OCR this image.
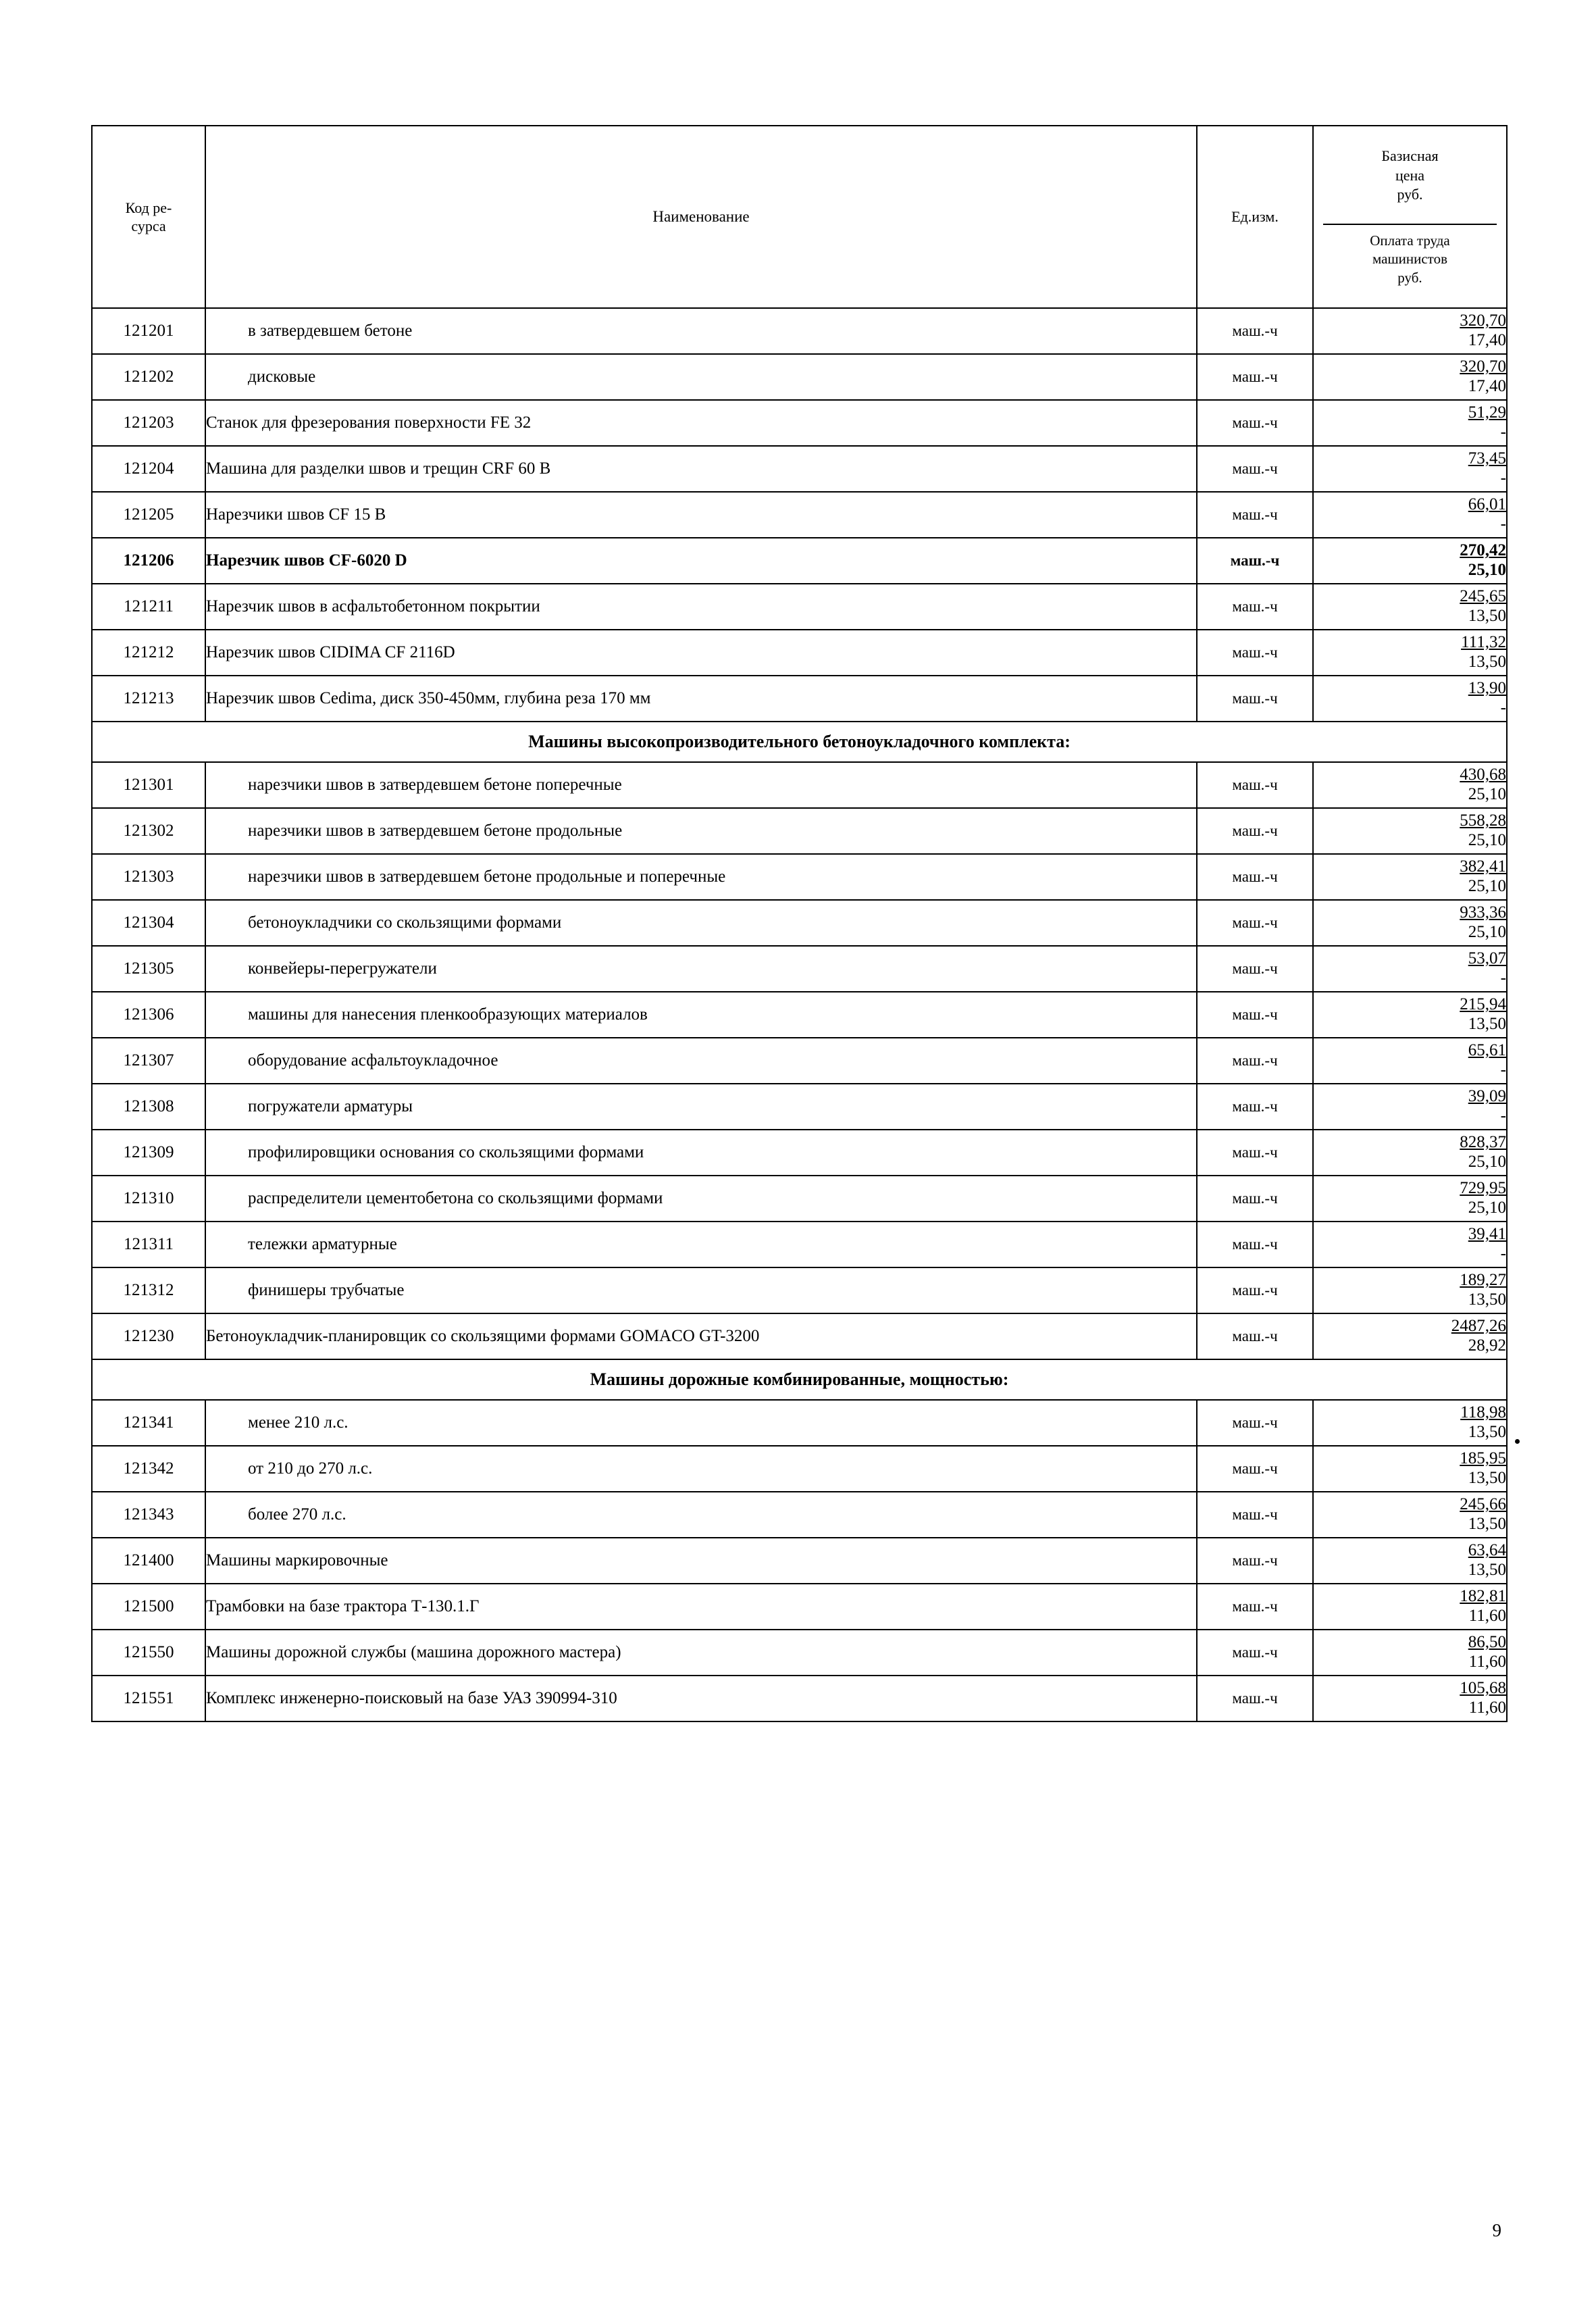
Код ре-
сурса	Наименование	Ед.изм.	
Базисная
цена
руб.
Оплата труда
машинистов
руб.

121201	в затвердевшем бетоне	маш.-ч	320,70
17,40

121202	дисковые	маш.-ч	320,70
17,40

121203	Станок для фрезерования поверхности FE 32	маш.-ч	51,29
-

121204	Машина для разделки швов и трещин CRF 60 B	маш.-ч	73,45
-

121205	Нарезчики швов CF 15 B	маш.-ч	66,01
-

121206	Нарезчик швов CF-6020 D	маш.-ч	270,42
25,10

121211	Нарезчик швов в асфальтобетонном покрытии	маш.-ч	245,65
13,50

121212	Нарезчик швов CIDIMA CF 2116D	маш.-ч	111,32
13,50

121213	Нарезчик швов Cedima, диск 350-450мм, глубина реза 170 мм	маш.-ч	13,90
-

Машины высокопроизводительного бетоноукладочного комплекта:			
121301	нарезчики швов в затвердевшем бетоне поперечные	маш.-ч	430,68
25,10

121302	нарезчики швов в затвердевшем бетоне продольные	маш.-ч	558,28
25,10

121303	нарезчики швов в затвердевшем бетоне продольные и поперечные	маш.-ч	382,41
25,10

121304	бетоноукладчики со скользящими формами	маш.-ч	933,36
25,10

121305	конвейеры-перегружатели	маш.-ч	53,07
-

121306	машины для нанесения пленкообразующих материалов	маш.-ч	215,94
13,50

121307	оборудование асфальтоукладочное	маш.-ч	65,61
-

121308	погружатели арматуры	маш.-ч	39,09
-

121309	профилировщики основания со скользящими формами	маш.-ч	828,37
25,10

121310	распределители цементобетона со скользящими формами	маш.-ч	729,95
25,10

121311	тележки арматурные	маш.-ч	39,41
-

121312	финишеры трубчатые	маш.-ч	189,27
13,50

121230	Бетоноукладчик-планировщик со скользящими формами GOMACO GT-3200	маш.-ч	2487,26
28,92

Машины дорожные комбинированные, мощностью:			
121341	менее 210 л.с.	маш.-ч	118,98
13,50

121342	от 210 до 270 л.с.	маш.-ч	185,95
13,50

121343	более 270 л.с.	маш.-ч	245,66
13,50

121400	Машины маркировочные	маш.-ч	63,64
13,50

121500	Трамбовки на базе трактора Т-130.1.Г	маш.-ч	182,81
11,60

121550	Машины дорожной службы (машина дорожного мастера)	маш.-ч	86,50
11,60

121551	Комплекс инженерно-поисковый на базе УАЗ 390994-310	маш.-ч	105,68
11,60
9
